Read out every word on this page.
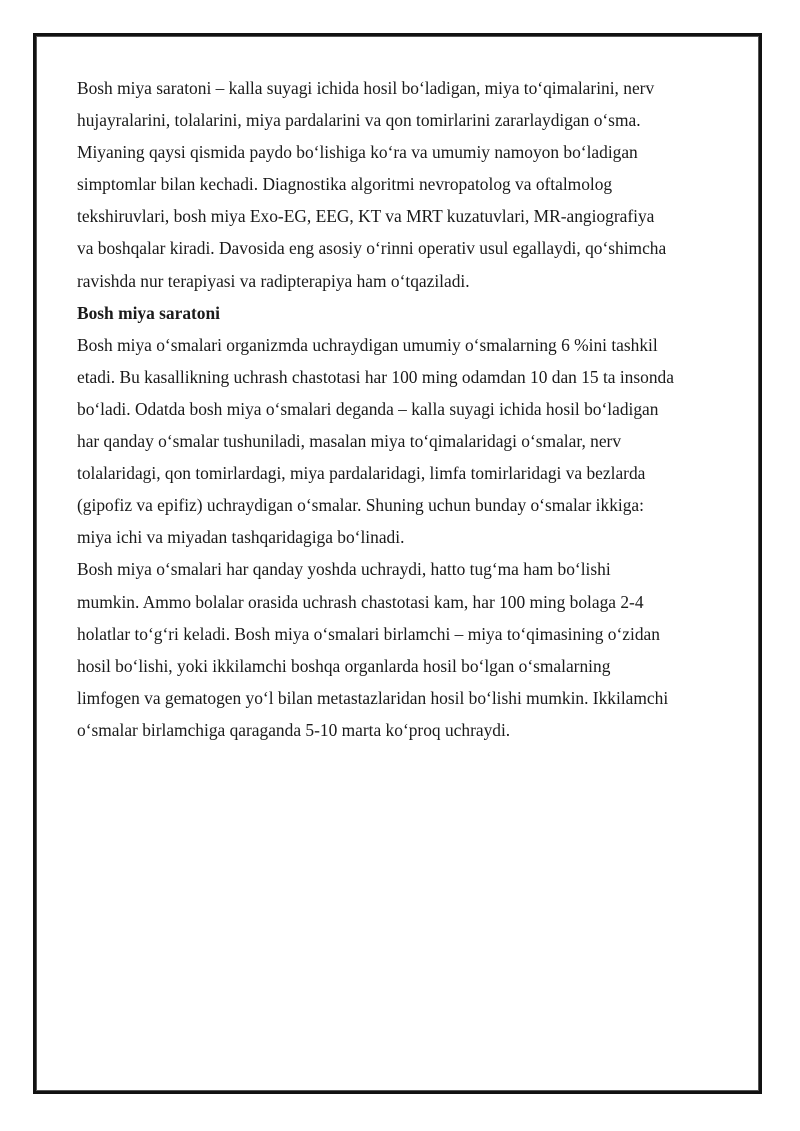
Bosh miya saratoni – kalla suyagi ichida hosil boʻladigan, miya toʻqimalarini, nerv
hujayralarini, tolalarini, miya pardalarini va qon tomirlarini zararlaydigan oʻsma.
Miyaning qaysi qismida paydo boʻlishiga koʻra va umumiy namoyon boʻladigan
simptomlar bilan kechadi. Diagnostika algoritmi nevropatolog va oftalmolog
tekshiruvlari, bosh miya Exo-EG, EEG, KT va MRT kuzatuvlari, MR-angiografiya
va boshqalar kiradi. Davosida eng asosiy oʻrinni operativ usul egallaydi, qoʻshimcha
ravishda nur terapiyasi va radipterapiya ham oʻtqaziladi.

Bosh miya saratoni

Bosh miya oʻsmalari organizmda uchraydigan umumiy oʻsmalarning 6 %ini tashkil
etadi. Bu kasallikning uchrash chastotasi har 100 ming odamdan 10 dan 15 ta insonda
boʻladi. Odatda bosh miya oʻsmalari deganda – kalla suyagi ichida hosil boʻladigan
har qanday oʻsmalar tushuniladi, masalan miya toʻqimalaridagi oʻsmalar, nerv
tolalaridagi, qon tomirlardagi, miya pardalaridagi, limfa tomirlaridagi va bezlarda
(gipofiz va epifiz) uchraydigan oʻsmalar. Shuning uchun bunday oʻsmalar ikkiga:
miya ichi va miyadan tashqaridagiga boʻlinadi.

Bosh miya oʻsmalari har qanday yoshda uchraydi, hatto tugʻma ham boʻlishi
mumkin. Ammo bolalar orasida uchrash chastotasi kam, har 100 ming bolaga 2-4
holatlar toʻgʻri keladi. Bosh miya oʻsmalari birlamchi – miya toʻqimasining oʻzidan
hosil boʻlishi, yoki ikkilamchi boshqa organlarda hosil boʻlgan oʻsmalarning
limfogen va gematogen yoʻl bilan metastazlaridan hosil boʻlishi mumkin. Ikkilamchi
oʻsmalar birlamchiga qaraganda 5-10 marta koʻproq uchraydi.
